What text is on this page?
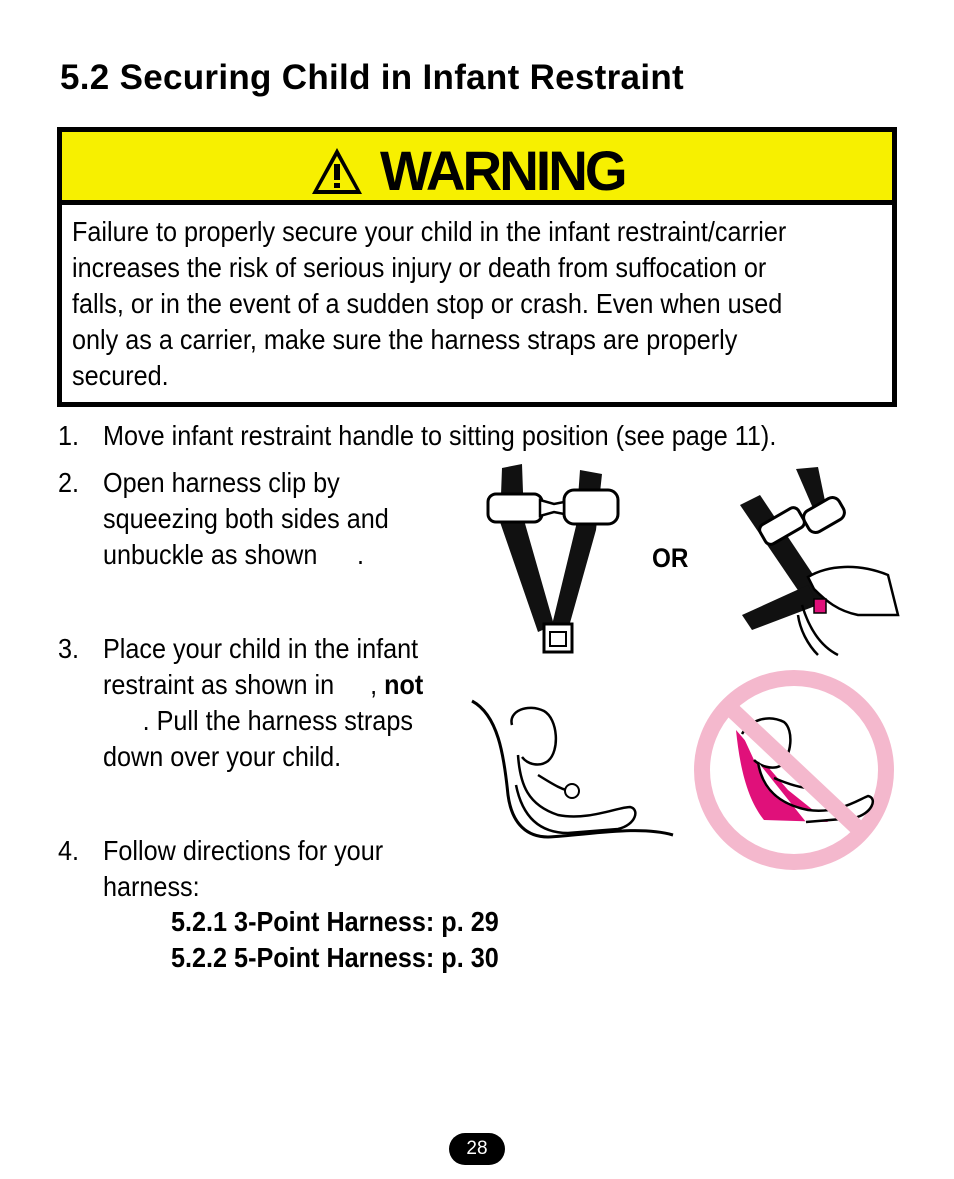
5.2 Securing Child in Infant Restraint
WARNING
Failure to properly secure your child in the infant restraint/carrier
increases the risk of serious injury or death from suffocation or
falls, or in the event of a sudden stop or crash. Even when used
only as a carrier, make sure the harness straps are properly
secured.
1. Move infant restraint handle to sitting position (see page 11).
2. Open harness clip by
squeezing both sides and
unbuckle as shown .
3. Place your child in the infant
restraint as shown in , not
. Pull the harness straps
down over your child.
4. Follow directions for your
harness:
5.2.1 3-Point Harness: p. 29
5.2.2 5-Point Harness: p. 30
OR
28
